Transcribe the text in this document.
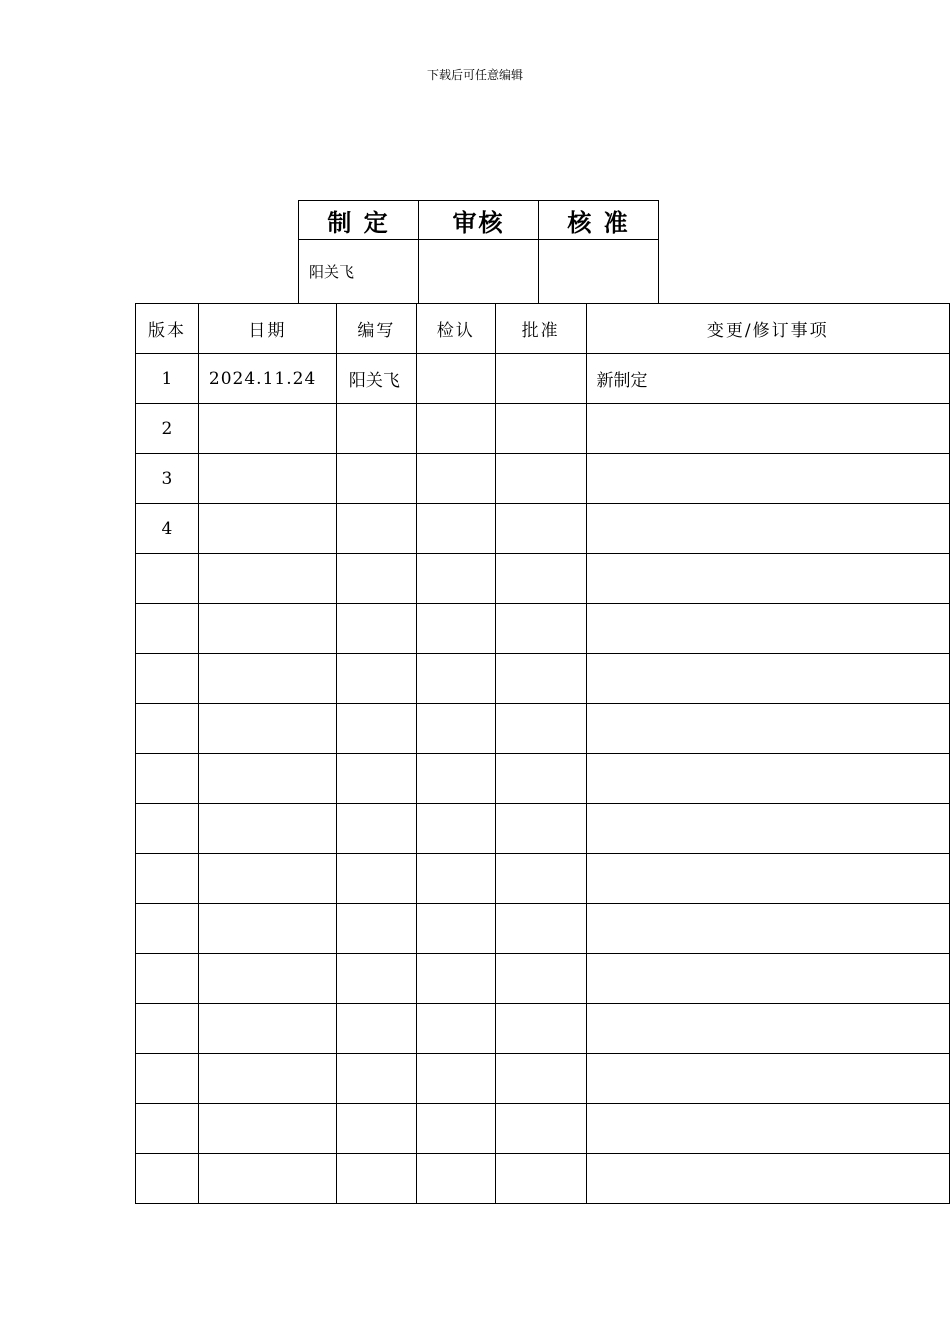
下载后可任意编辑
制 定	审核	核 准
阳关飞		
版本	日期	编写	检认	批准	变更/修订事项
1	2024.11.24	阳关飞			新制定
2					
3					
4					
